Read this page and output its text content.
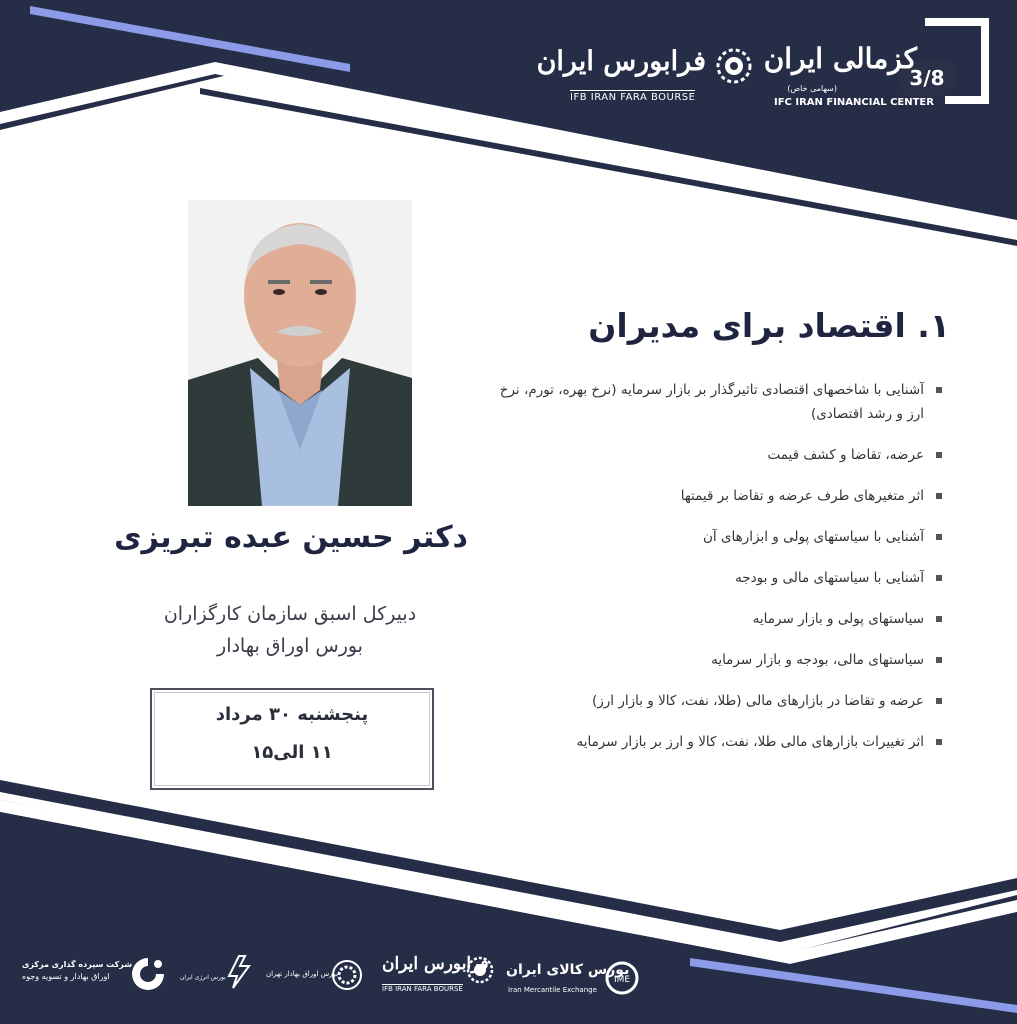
3/8
کزمالی ایران
(سهامی خاص)
IFC IRAN FINANCIAL CENTER
فرابورس ایران
IFB IRAN FARA BOURSE
دکتر حسین عبده تبریزی
دبیرکل اسبق سازمان کارگزاران
بورس اوراق بهادار
پنجشنبه ۳۰ مرداد
۱۱ الی۱۵
۱. اقتصاد برای مدیران
آشنایی با شاخصهای اقتصادی تاثیرگذار بر بازار سرمایه (نرخ بهره، تورم، نرخ ارز و رشد اقتصادی)
عرضه، تقاضا و کشف قیمت
اثر متغیرهای طرف عرضه و تقاضا بر قیمتها
آشنایی با سیاستهای پولی و ابزارهای آن
آشنایی با سیاستهای مالی و بودجه
سیاستهای پولی و بازار سرمایه
سیاستهای مالی، بودجه و بازار سرمایه
عرضه و تقاضا در بازارهای مالی (طلا، نفت، کالا و بازار ارز)
اثر تغییرات بازارهای مالی طلا، نفت، کالا و ارز بر بازار سرمایه
IME
بورس کالای ایران
Iran Mercantile Exchange
فرابورس ایران
IFB IRAN FARA BOURSE
بورس اوراق بهادار تهران
بورس انرژی ایران
شرکت سپرده گذاری مرکزی
اوراق بهادار و تسویه وجوه
